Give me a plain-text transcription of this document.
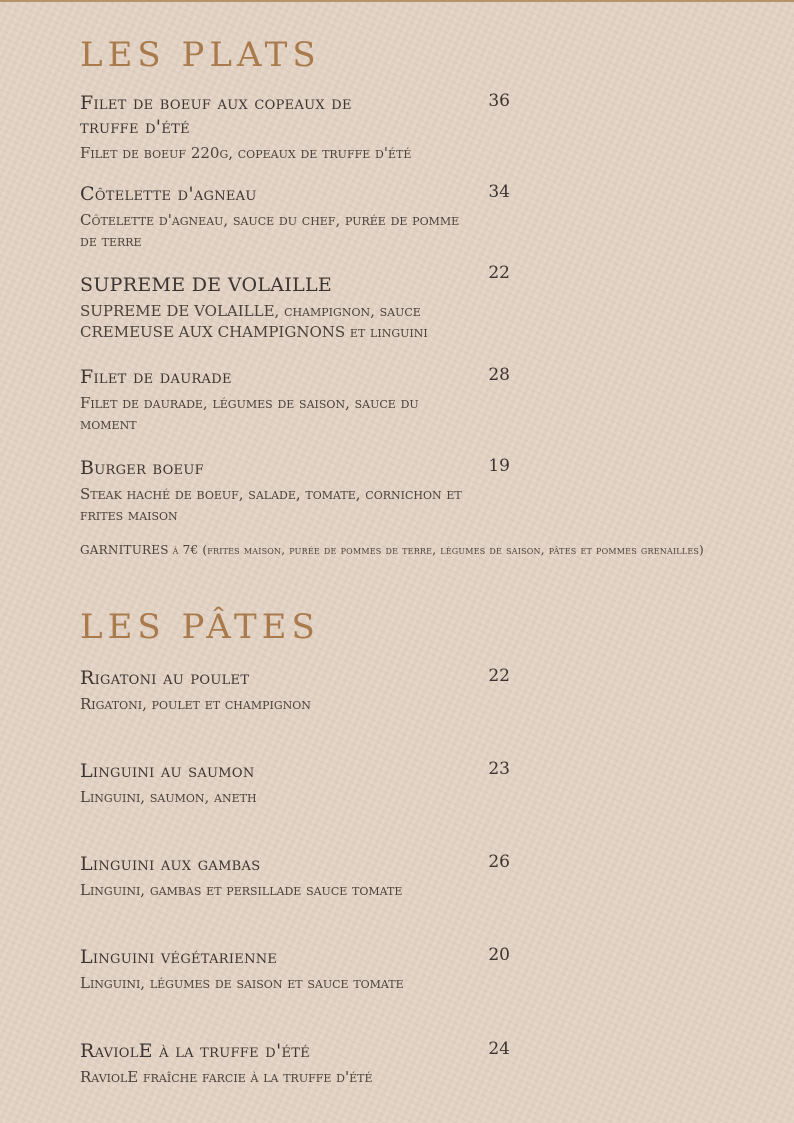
LES PLATS
Filet de boeuf aux copeaux de truffe d'été
Filet de boeuf 220g, copeaux de truffe d'été
36
Côtelette d'agneau
Côtelette d'agneau, sauce du chef, purée de pomme de terre
34
SUPREME DE VOLAILLE
SUPREME DE VOLAILLE, champignon, sauce CREMEUSE AUX CHAMPIGNONS et linguini
22
Filet de daurade
Filet de daurade, légumes de saison, sauce du moment
28
Burger boeuf
Steak haché de boeuf, salade, tomate, cornichon et frites maison
19
GARNITURES à 7€ (frites maison, purée de pommes de terre, légumes de saison, pâtes et pommes grenailles)
LES PÂTES
Rigatoni au poulet
Rigatoni, poulet et champignon
22
Linguini au saumon
Linguini, saumon, aneth
23
Linguini aux gambas
Linguini, gambas et persillade sauce tomate
26
Linguini végétarienne
Linguini, légumes de saison et sauce tomate
20
RaviolE à la truffe d'été
RaviolE fraîche farcie à la truffe d'été
24
